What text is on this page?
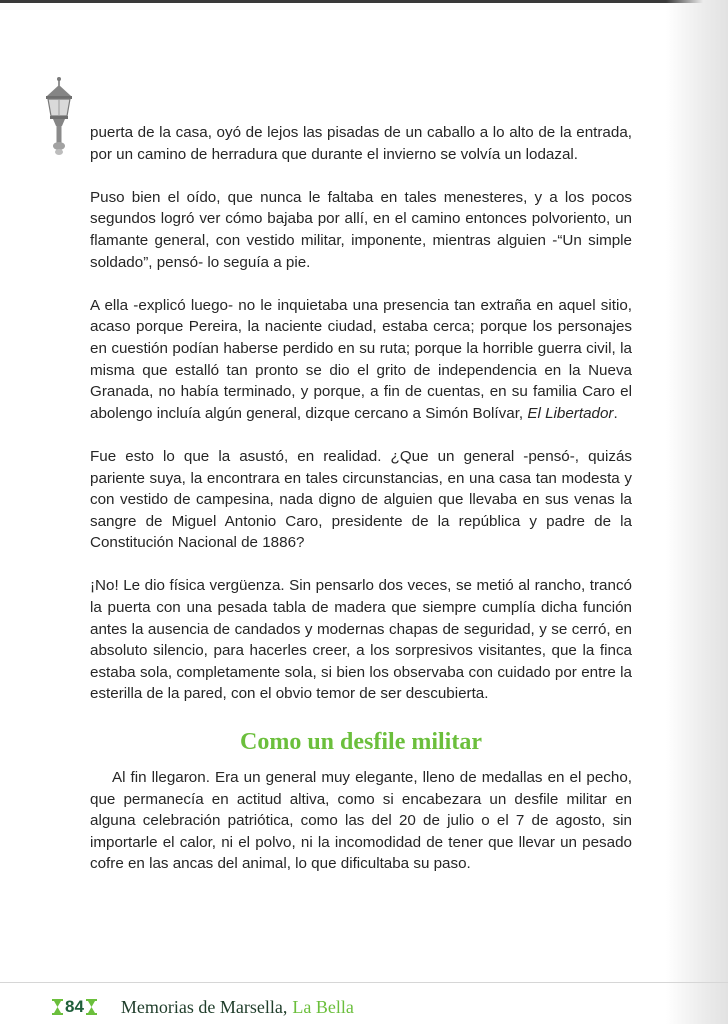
puerta de la casa, oyó de lejos las pisadas de un caballo a lo alto de la entrada, por un camino de herradura que durante el invierno se volvía un lodazal.

Puso bien el oído, que nunca le faltaba en tales menesteres, y a los pocos segundos logró ver cómo bajaba por allí, en el camino entonces polvoriento, un flamante general, con vestido militar, imponente, mientras alguien -“Un simple soldado”, pensó- lo seguía a pie.

A ella -explicó luego- no le inquietaba una presencia tan extraña en aquel sitio, acaso porque Pereira, la naciente ciudad, estaba cerca; porque los personajes en cuestión podían haberse perdido en su ruta; porque la horrible guerra civil, la misma que estalló tan pronto se dio el grito de independencia en la Nueva Granada, no había terminado, y porque, a fin de cuentas, en su familia Caro el abolengo incluía algún general, dizque cercano a Simón Bolívar, El Libertador.

Fue esto lo que la asustó, en realidad. ¿Que un general -pensó-, quizás pariente suya, la encontrara en tales circunstancias, en una casa tan modesta y con vestido de campesina, nada digno de alguien que llevaba en sus venas la sangre de Miguel Antonio Caro, presidente de la república y padre de la Constitución Nacional de 1886?

¡No! Le dio física vergüenza. Sin pensarlo dos veces, se metió al rancho, trancó la puerta con una pesada tabla de madera que siempre cumplía dicha función antes la ausencia de candados y modernas chapas de seguridad, y se cerró, en absoluto silencio, para hacerles creer, a los sorpresivos visitantes, que la finca estaba sola, completamente sola, si bien los observaba con cuidado por entre la esterilla de la pared, con el obvio temor de ser descubierta.

Como un desfile militar

Al fin llegaron. Era un general muy elegante, lleno de medallas en el pecho, que permanecía en actitud altiva, como si encabezara un desfile militar en alguna celebración patriótica, como las del 20 de julio o el 7 de agosto, sin importarle el calor, ni el polvo, ni la incomodidad de tener que llevar un pesado cofre en las ancas del animal, lo que dificultaba su paso.

84 Memorias de Marsella, La Bella
